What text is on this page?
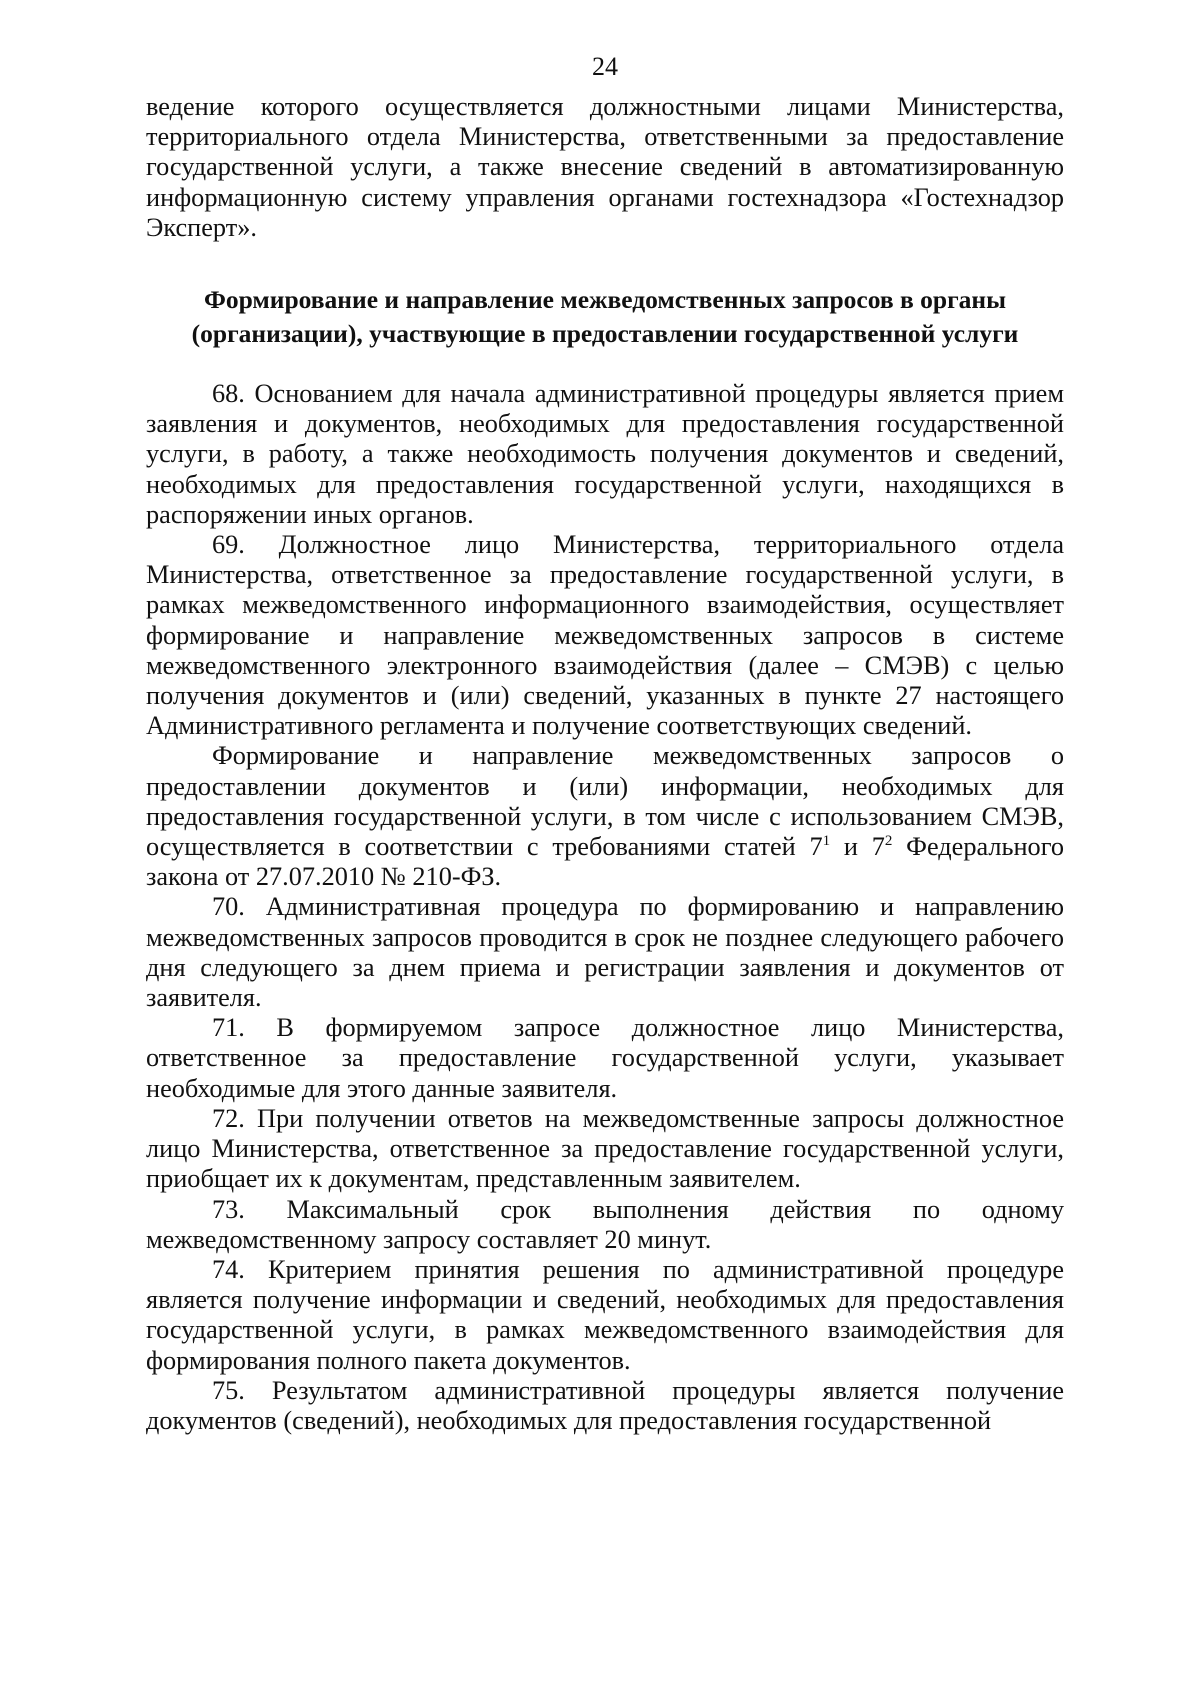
24

ведение которого осуществляется должностными лицами Министерства, территориального отдела Министерства, ответственными за предоставление государственной услуги, а также внесение сведений в автоматизированную информационную систему управления органами гостехнадзора «Гостехнадзор Эксперт».

Формирование и направление межведомственных запросов в органы
(организации), участвующие в предоставлении государственной услуги

68. Основанием для начала административной процедуры является прием заявления и документов, необходимых для предоставления государственной услуги, в работу, а также необходимость получения документов и сведений, необходимых для предоставления государственной услуги, находящихся в распоряжении иных органов.

69. Должностное лицо Министерства, территориального отдела Министерства, ответственное за предоставление государственной услуги, в рамках межведомственного информационного взаимодействия, осуществляет формирование и направление межведомственных запросов в системе межведомственного электронного взаимодействия (далее – СМЭВ) с целью получения документов и (или) сведений, указанных в пункте 27 настоящего Административного регламента и получение соответствующих сведений.

Формирование и направление межведомственных запросов о предоставлении документов и (или) информации, необходимых для предоставления государственной услуги, в том числе с использованием СМЭВ, осуществляется в соответствии с требованиями статей $7^1$ и $7^2$ Федерального закона от 27.07.2010 № 210-ФЗ.

70. Административная процедура по формированию и направлению межведомственных запросов проводится в срок не позднее следующего рабочего дня следующего за днем приема и регистрации заявления и документов от заявителя.

71. В формируемом запросе должностное лицо Министерства, ответственное за предоставление государственной услуги, указывает необходимые для этого данные заявителя.

72. При получении ответов на межведомственные запросы должностное лицо Министерства, ответственное за предоставление государственной услуги, приобщает их к документам, представленным заявителем.

73. Максимальный срок выполнения действия по одному межведомственному запросу составляет 20 минут.

74. Критерием принятия решения по административной процедуре является получение информации и сведений, необходимых для предоставления государственной услуги, в рамках межведомственного взаимодействия для формирования полного пакета документов.

75. Результатом административной процедуры является получение документов (сведений), необходимых для предоставления государственной
